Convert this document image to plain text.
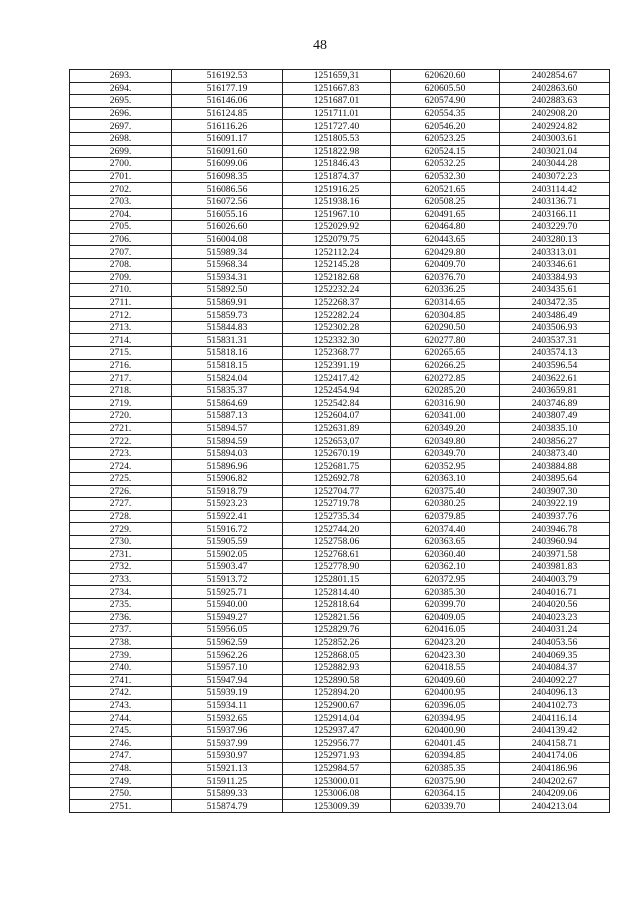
48
2693.	516192.53	1251659,31	620620.60	2402854.67
2694.	516177.19	1251667.83	620605.50	2402863.60
2695.	516146.06	1251687.01	620574.90	2402883.63
2696.	516124.85	1251711.01	620554.35	2402908.20
2697.	516116.26	1251727.40	620546.20	2402924.82
2698.	516091.17	1251805.53	620523.25	2403003.61
2699.	516091.60	1251822.98	620524.15	2403021.04
2700.	516099.06	1251846.43	620532.25	2403044.28
2701.	516098.35	1251874.37	620532.30	2403072.23
2702.	516086.56	1251916.25	620521.65	2403114.42
2703.	516072.56	1251938.16	620508.25	2403136.71
2704.	516055.16	1251967.10	620491.65	2403166.11
2705.	516026.60	1252029.92	620464.80	2403229.70
2706.	516004.08	1252079.75	620443.65	2403280.13
2707.	515989.34	1252112.24	620429.80	2403313.01
2708.	515968.34	1252145.28	620409.70	2403346.61
2709.	515934.31	1252182.68	620376.70	2403384.93
2710.	515892.50	1252232.24	620336.25	2403435.61
2711.	515869.91	1252268.37	620314.65	2403472.35
2712.	515859.73	1252282.24	620304.85	2403486.49
2713.	515844.83	1252302.28	620290.50	2403506.93
2714.	515831.31	1252332.30	620277.80	2403537.31
2715.	515818.16	1252368.77	620265.65	2403574.13
2716.	515818.15	1252391.19	620266.25	2403596.54
2717.	515824.04	1252417.42	620272.85	2403622.61
2718.	515835.37	1252454.94	620285.20	2403659.81
2719.	515864.69	1252542.84	620316.90	2403746.89
2720.	515887.13	1252604.07	620341.00	2403807.49
2721.	515894.57	1252631.89	620349.20	2403835.10
2722.	515894.59	1252653,07	620349.80	2403856.27
2723.	515894.03	1252670.19	620349.70	2403873.40
2724.	515896.96	1252681.75	620352.95	2403884.88
2725.	515906.82	1252692.78	620363.10	2403895.64
2726.	515918.79	1252704.77	620375.40	2403907.30
2727.	515923.23	1252719.78	620380.25	2403922.19
2728.	515922.41	1252735.34	620379.85	2403937.76
2729.	515916.72	1252744.20	620374.40	2403946.78
2730.	515905.59	1252758.06	620363.65	2403960.94
2731.	515902.05	1252768.61	620360.40	2403971.58
2732.	515903.47	1252778.90	620362.10	2403981.83
2733.	515913.72	1252801.15	620372.95	2404003.79
2734.	515925.71	1252814.40	620385.30	2404016.71
2735.	515940.00	1252818.64	620399.70	2404020.56
2736.	515949.27	1252821.56	620409.05	2404023.23
2737.	515956.05	1252829.76	620416.05	2404031.24
2738.	515962.59	1252852.26	620423.20	2404053.56
2739.	515962.26	1252868.05	620423.30	2404069.35
2740.	515957.10	1252882.93	620418.55	2404084.37
2741.	515947.94	1252890.58	620409.60	2404092.27
2742.	515939.19	1252894.20	620400.95	2404096.13
2743.	515934.11	1252900.67	620396.05	2404102.73
2744.	515932.65	1252914.04	620394.95	2404116.14
2745.	515937.96	1252937.47	620400.90	2404139.42
2746.	515937.99	1252956.77	620401.45	2404158.71
2747.	515930.97	1252971.93	620394.85	2404174.06
2748.	515921.13	1252984.57	620385.35	2404186.96
2749.	515911.25	1253000.01	620375.90	2404202.67
2750.	515899.33	1253006.08	620364.15	2404209.06
2751.	515874.79	1253009.39	620339.70	2404213.04
